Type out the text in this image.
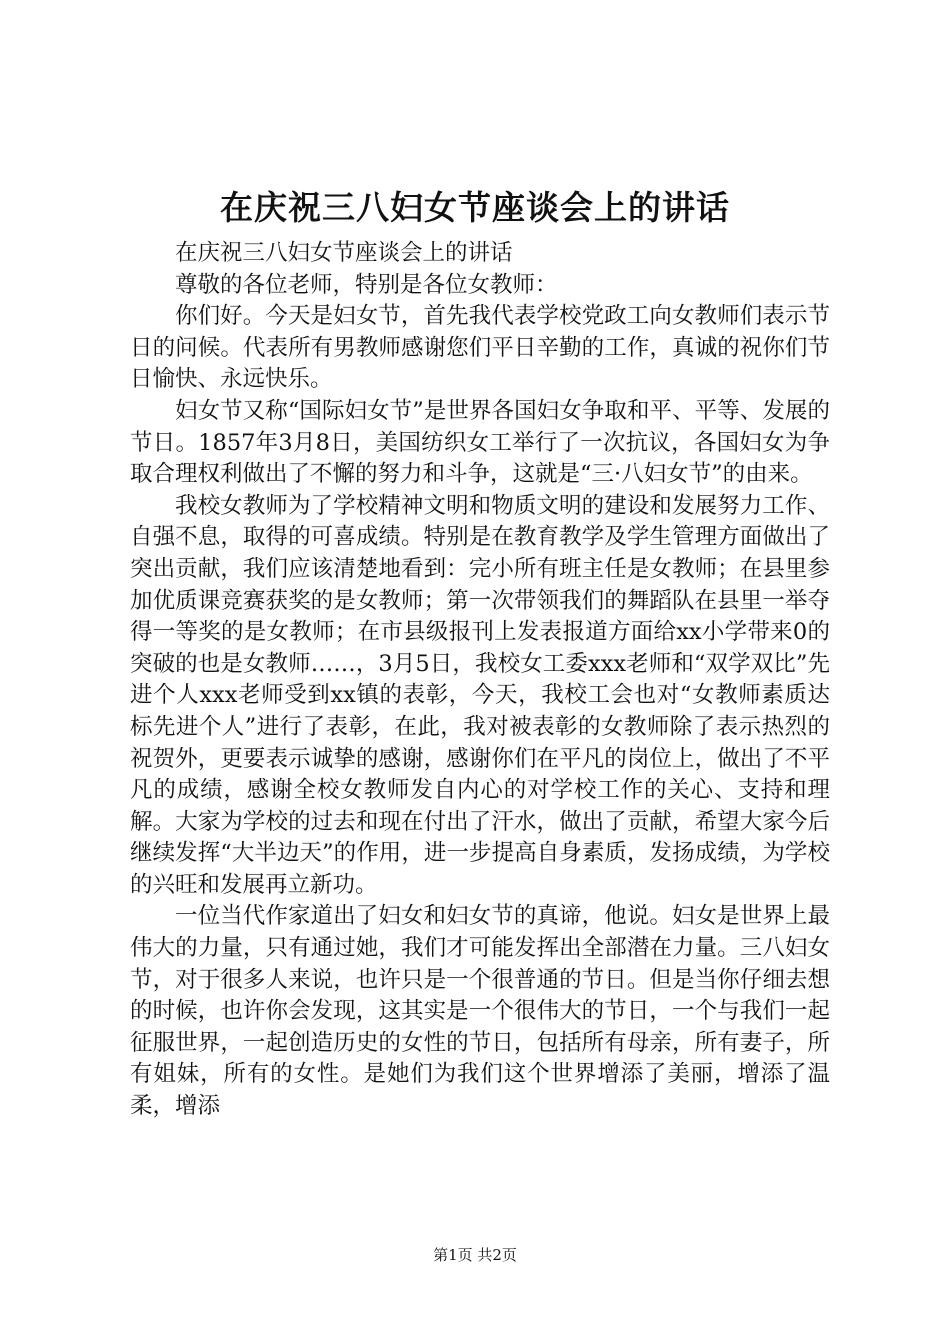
在庆祝三八妇女节座谈会上的讲话

在庆祝三八妇女节座谈会上的讲话

尊敬的各位老师，特别是各位女教师：

你们好。今天是妇女节，首先我代表学校党政工向女教师们表示节日的问候。代表所有男教师感谢您们平日辛勤的工作，真诚的祝你们节日愉快、永远快乐。

妇女节又称“国际妇女节”是世界各国妇女争取和平、平等、发展的节日。1857年3月8日，美国纺织女工举行了一次抗议，各国妇女为争取合理权利做出了不懈的努力和斗争，这就是“三·八妇女节”的由来。

我校女教师为了学校精神文明和物质文明的建设和发展努力工作、自强不息，取得的可喜成绩。特别是在教育教学及学生管理方面做出了突出贡献，我们应该清楚地看到：完小所有班主任是女教师；在县里参加优质课竞赛获奖的是女教师；第一次带领我们的舞蹈队在县里一举夺得一等奖的是女教师；在市县级报刊上发表报道方面给xx小学带来0的突破的也是女教师……，3月5日，我校女工委xxx老师和“双学双比”先进个人xxx老师受到xx镇的表彰，今天，我校工会也对“女教师素质达标先进个人”进行了表彰，在此，我对被表彰的女教师除了表示热烈的祝贺外，更要表示诚挚的感谢，感谢你们在平凡的岗位上，做出了不平凡的成绩，感谢全校女教师发自内心的对学校工作的关心、支持和理解。大家为学校的过去和现在付出了汗水，做出了贡献，希望大家今后继续发挥“大半边天”的作用，进一步提高自身素质，发扬成绩，为学校的兴旺和发展再立新功。

一位当代作家道出了妇女和妇女节的真谛，他说。妇女是世界上最伟大的力量，只有通过她，我们才可能发挥出全部潜在力量。三八妇女节，对于很多人来说，也许只是一个很普通的节日。但是当你仔细去想的时候，也许你会发现，这其实是一个很伟大的节日，一个与我们一起征服世界，一起创造历史的女性的节日，包括所有母亲，所有妻子，所有姐妹，所有的女性。是她们为我们这个世界增添了美丽，增添了温柔，增添

第1页 共2页
